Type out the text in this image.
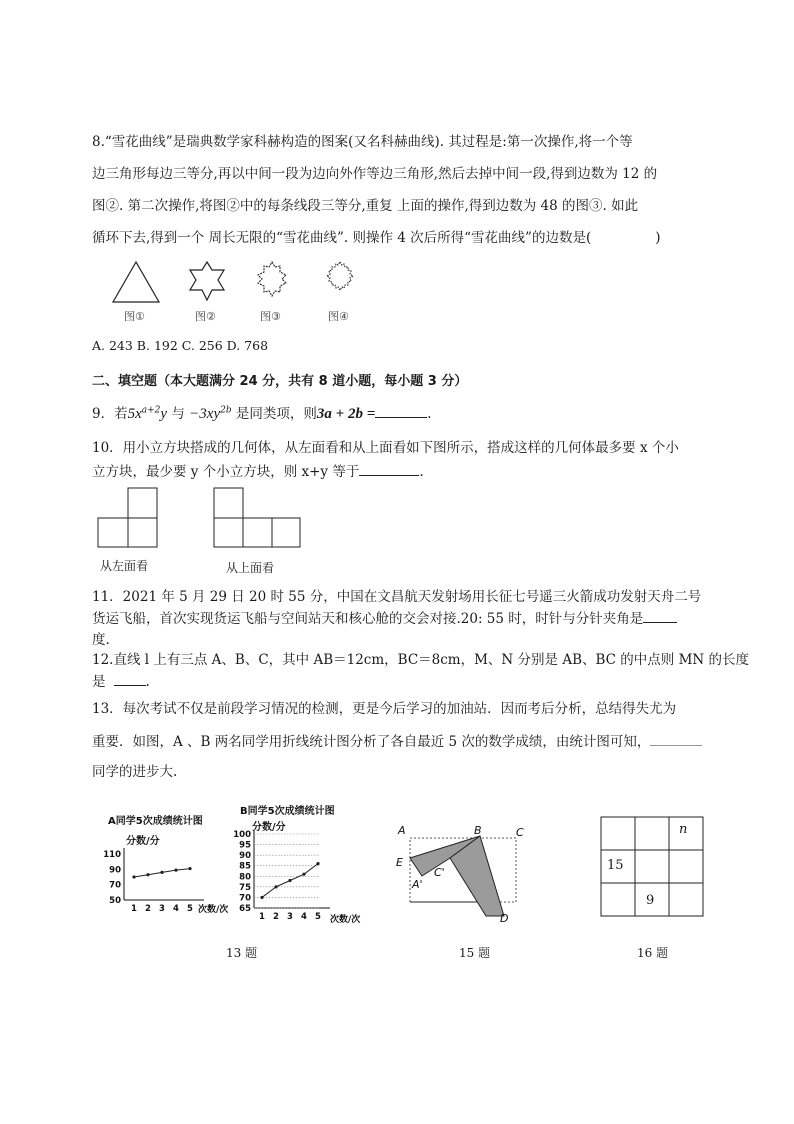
8.“雪花曲线”是瑞典数学家科赫构造的图案(又名科赫曲线). 其过程是:第一次操作,将一个等
边三角形每边三等分,再以中间一段为边向外作等边三角形,然后去掉中间一段,得到边数为 12 的
图②. 第二次操作,将图②中的每条线段三等分,重复 上面的操作,得到边数为 48 的图③. 如此
循环下去,得到一个 周长无限的“雪花曲线”. 则操作 4 次后所得“雪花曲线”的边数是(	)
图①	图②	图③	图④
A. 243 B. 192 C. 256 D. 768
二、填空题（本大题满分 24 分，共有 8 道小题，每小题 3 分）
9．若$5x^{a+2}y$ 与 $-3xy^{2b}$ 是同类项，则3a + 2b =	.
10．用小立方块搭成的几何体，从左面看和从上面看如下图所示，搭成这样的几何体最多要 x 个小
立方块，最少要 y 个小立方块，则 x+y 等于	.
从左面看	从上面看
11．2021 年 5 月 29 日 20 时 55 分，中国在文昌航天发射场用长征七号遥三火箭成功发射天舟二号
货运飞船，首次实现货运飞船与空间站天和核心舱的交会对接.20: 55 时，时针与分针夹角是
度.
12.直线 l 上有三点 A、B、C，其中 AB＝12cm，BC＝8cm，M、N 分别是 AB、BC 的中点则 MN 的长度
是	.
13．每次考试不仅是前段学习情况的检测，更是今后学习的加油站．因而考后分析，总结得失尤为
重要．如图，A 、B 两名同学用折线统计图分析了各自最近 5 次的数学成绩，由统计图可知，
同学的进步大.
A同学5次成绩统计图
分数/分
110
90
70
50
1 2 3 4 5 次数/次
B同学5次成绩统计图
分数/分
100
95
90
85
80
75
70
65
1 2 3 4 5 次数/次
A	B	C
E
A'
C'
D
n
15
9
13 题	15 题	16 题
